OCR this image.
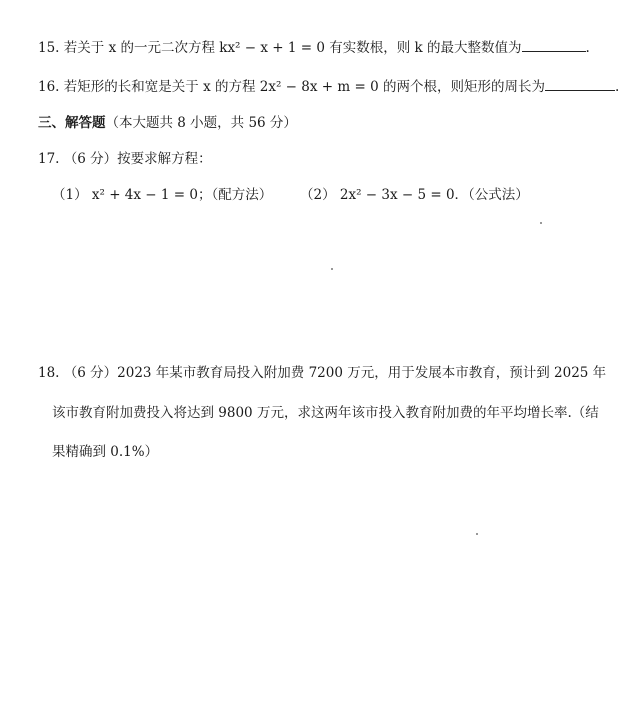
15. 若关于 x 的一元二次方程 kx² − x + 1 = 0 有实数根，则 k 的最大整数值为	.
16. 若矩形的长和宽是关于 x 的方程 2x² − 8x + m = 0 的两个根，则矩形的周长为	.
三、解答题（本大题共 8 小题，共 56 分）
17. （6 分）按要求解方程：
（1） x² + 4x − 1 = 0；（配方法） （2） 2x² − 3x − 5 = 0．（公式法）
18. （6 分）2023 年某市教育局投入附加费 7200 万元，用于发展本市教育，预计到 2025 年
该市教育附加费投入将达到 9800 万元，求这两年该市投入教育附加费的年平均增长率.（结
果精确到 0.1%）
